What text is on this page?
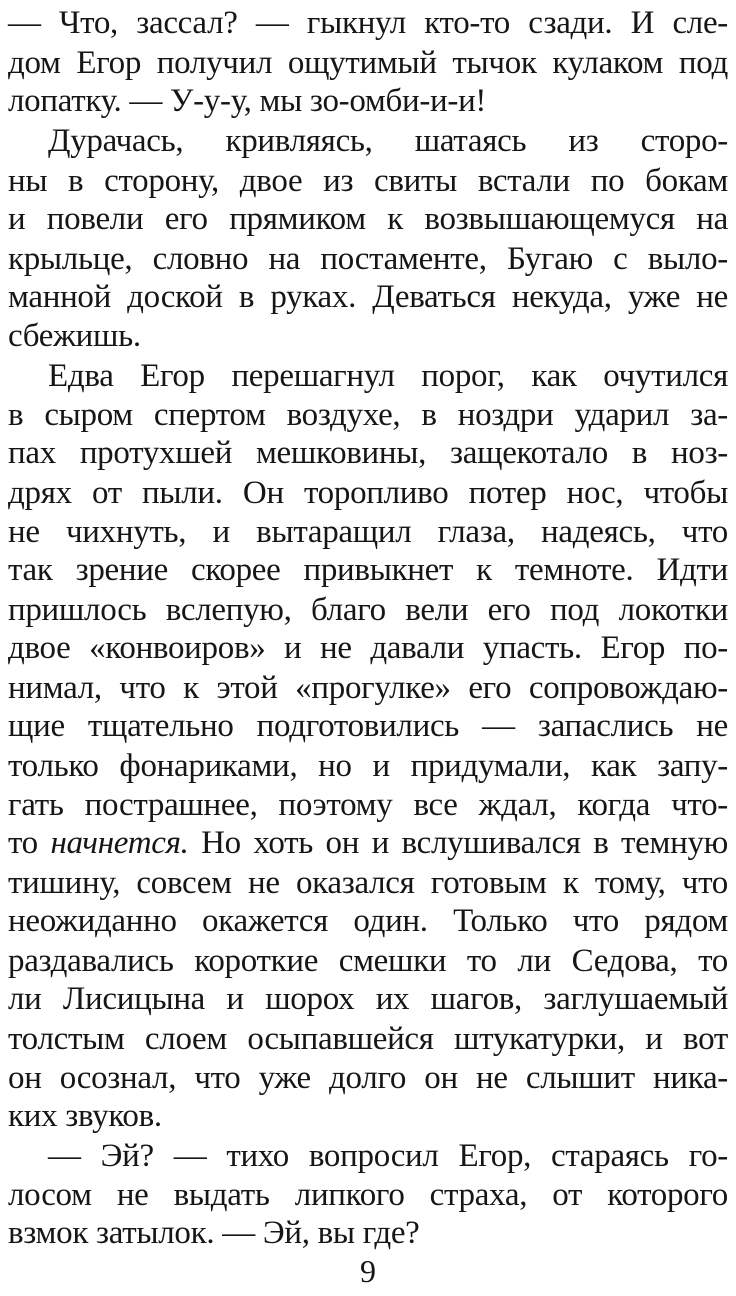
— Что, зассал? — гыкнул кто-то сзади. И сле-
дом Егор получил ощутимый тычок кулаком под
лопатку. — У-у-у, мы зо-омби-и-и!
Дурачась, кривляясь, шатаясь из сторо-
ны в сторону, двое из свиты встали по бокам
и повели его прямиком к возвышающемуся на
крыльце, словно на постаменте, Бугаю с выло-
манной доской в руках. Деваться некуда, уже не
сбежишь.
Едва Егор перешагнул порог, как очутился
в сыром спертом воздухе, в ноздри ударил за-
пах протухшей мешковины, защекотало в ноз-
дрях от пыли. Он торопливо потер нос, чтобы
не чихнуть, и вытаращил глаза, надеясь, что
так зрение скорее привыкнет к темноте. Идти
пришлось вслепую, благо вели его под локотки
двое «конвоиров» и не давали упасть. Егор по-
нимал, что к этой «прогулке» его сопровождаю-
щие тщательно подготовились — запаслись не
только фонариками, но и придумали, как запу-
гать пострашнее, поэтому все ждал, когда что-
то начнется. Но хоть он и вслушивался в темную
тишину, совсем не оказался готовым к тому, что
неожиданно окажется один. Только что рядом
раздавались короткие смешки то ли Седова, то
ли Лисицына и шорох их шагов, заглушаемый
толстым слоем осыпавшейся штукатурки, и вот
он осознал, что уже долго он не слышит ника-
ких звуков.
— Эй? — тихо вопросил Егор, стараясь го-
лосом не выдать липкого страха, от которого
взмок затылок. — Эй, вы где?
9
